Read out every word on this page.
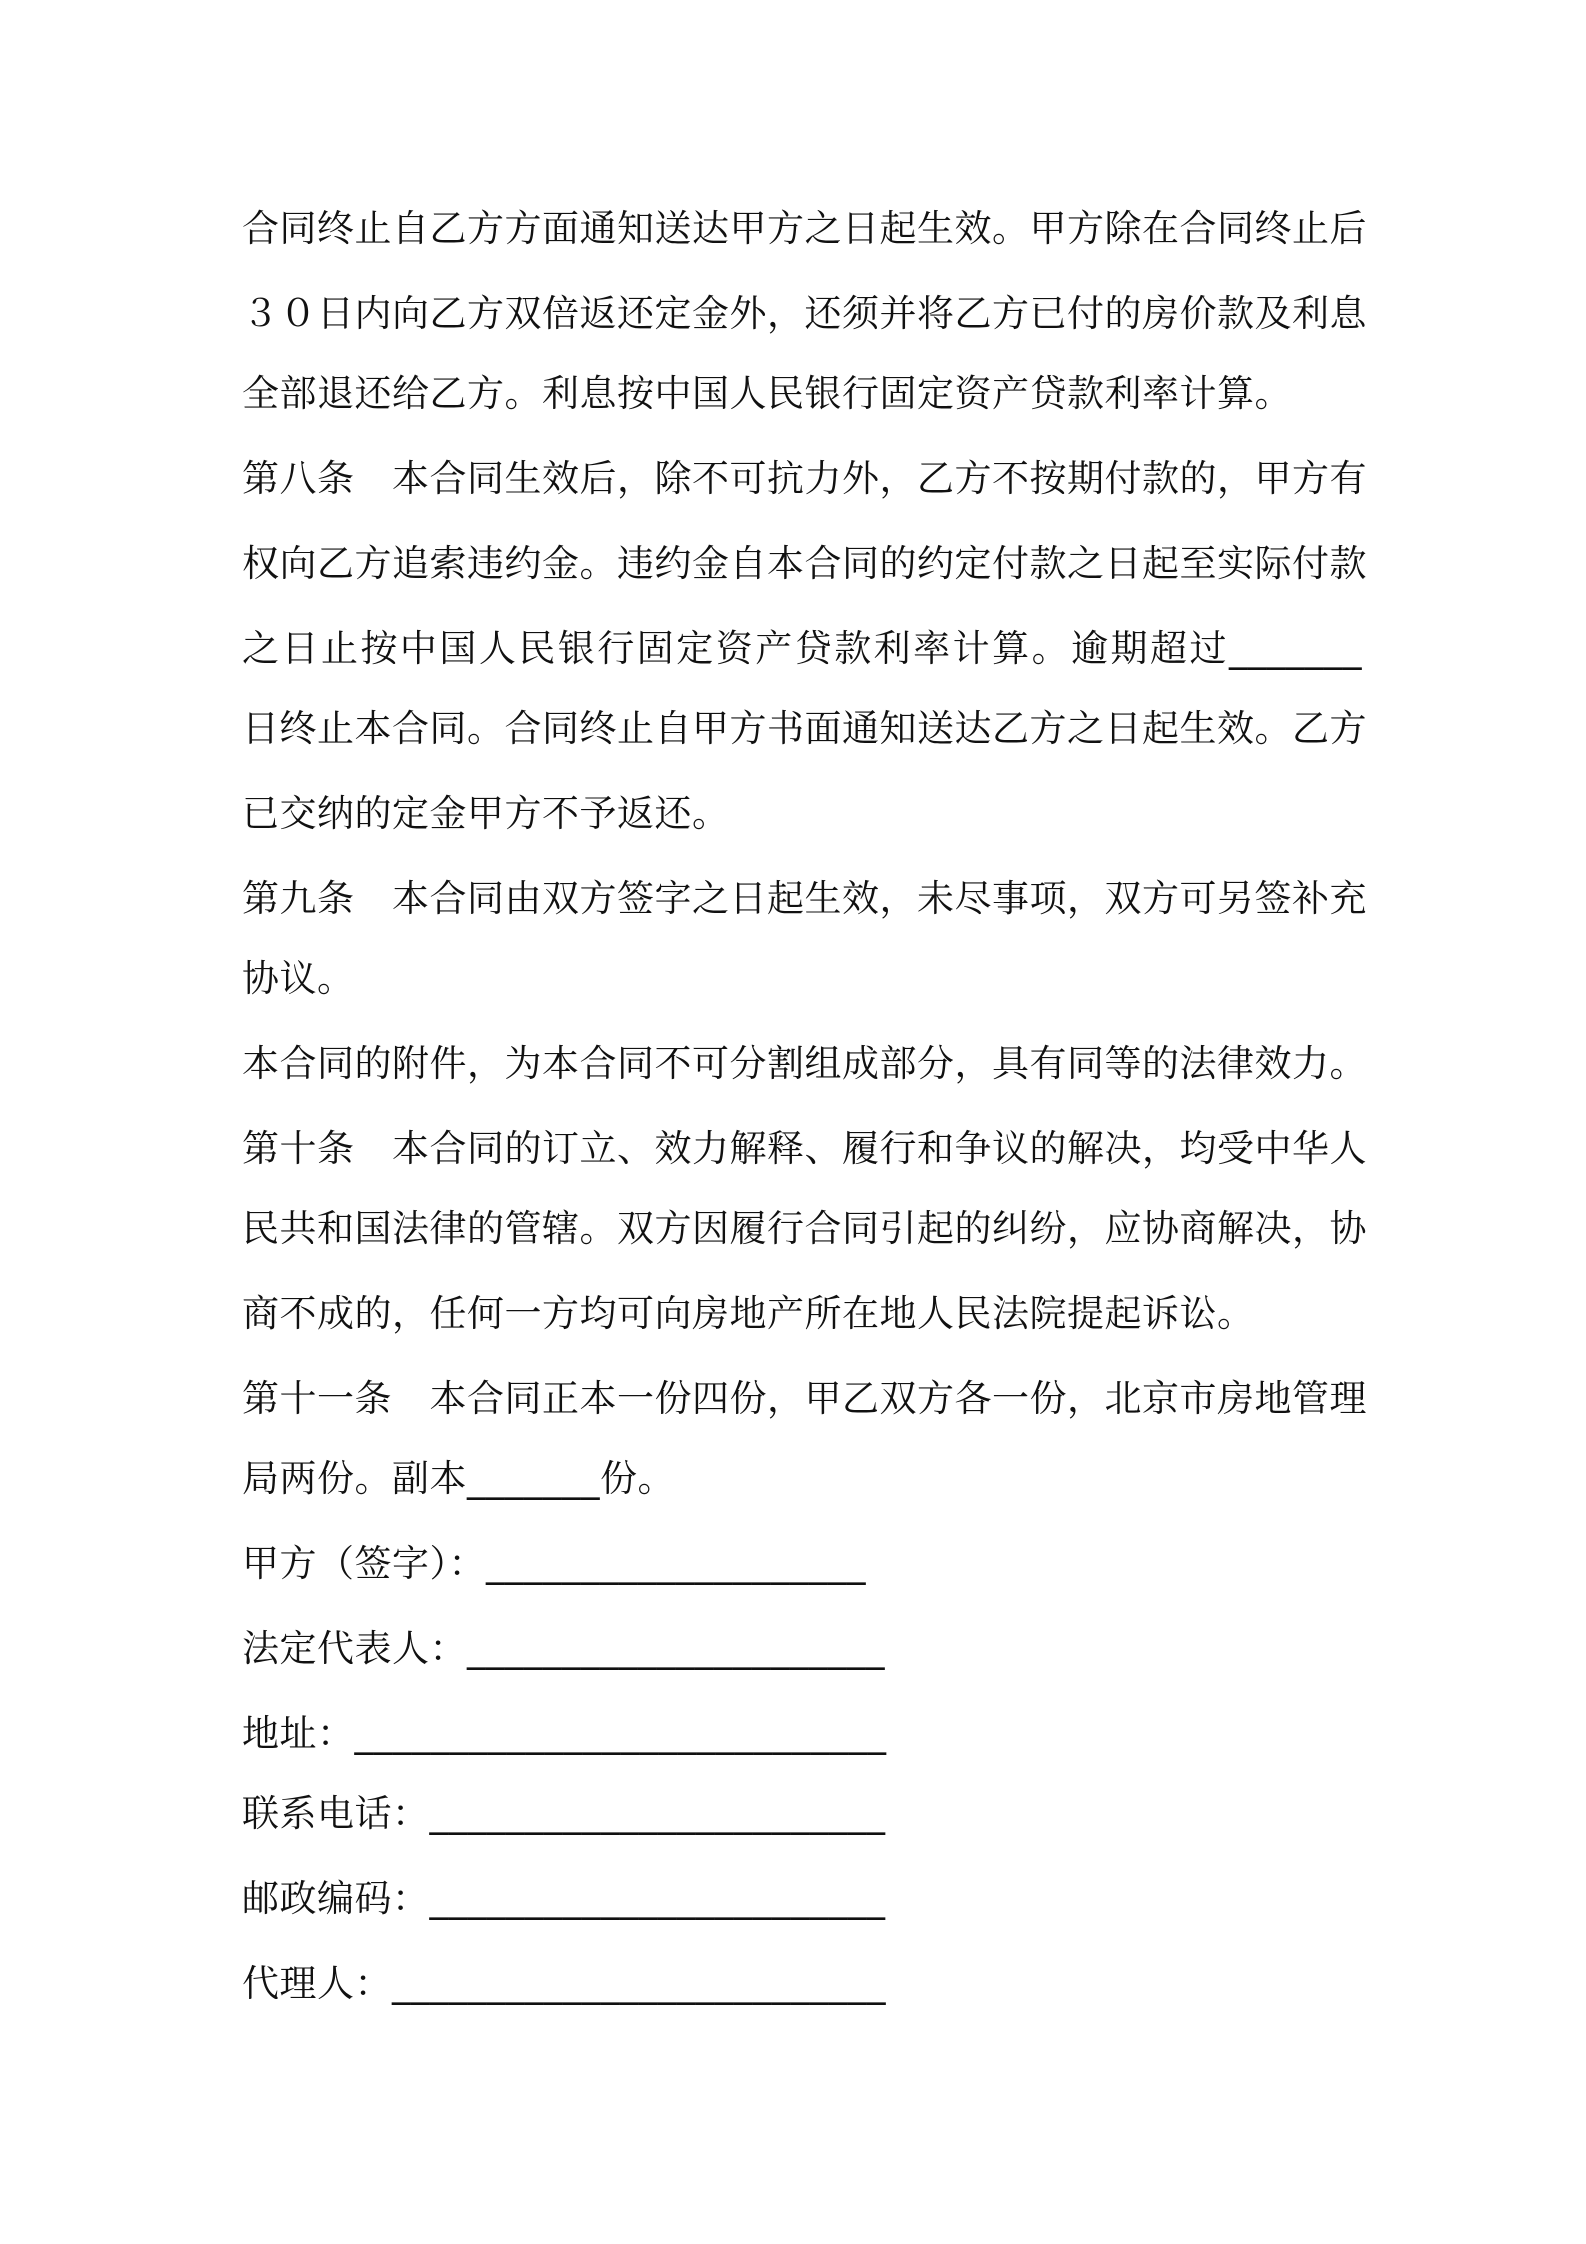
合同终止自乙方方面通知送达甲方之日起生效。甲方除在合同终止后
３０日内向乙方双倍返还定金外，还须并将乙方已付的房价款及利息
全部退还给乙方。利息按中国人民银行固定资产贷款利率计算。
第八条　本合同生效后，除不可抗力外，乙方不按期付款的，甲方有
权向乙方追索违约金。违约金自本合同的约定付款之日起至实际付款
之日止按中国人民银行固定资产贷款利率计算。逾期超过_______
日终止本合同。合同终止自甲方书面通知送达乙方之日起生效。乙方
已交纳的定金甲方不予返还。
第九条　本合同由双方签字之日起生效，未尽事项，双方可另签补充
协议。
本合同的附件，为本合同不可分割组成部分，具有同等的法律效力。
第十条　本合同的订立、效力解释、履行和争议的解决，均受中华人
民共和国法律的管辖。双方因履行合同引起的纠纷，应协商解决，协
商不成的，任何一方均可向房地产所在地人民法院提起诉讼。
第十一条　本合同正本一份四份，甲乙双方各一份，北京市房地管理
局两份。副本_______份。
甲方（签字）：____________________
法定代表人：______________________
地址：____________________________
联系电话：________________________
邮政编码：________________________
代理人：__________________________
